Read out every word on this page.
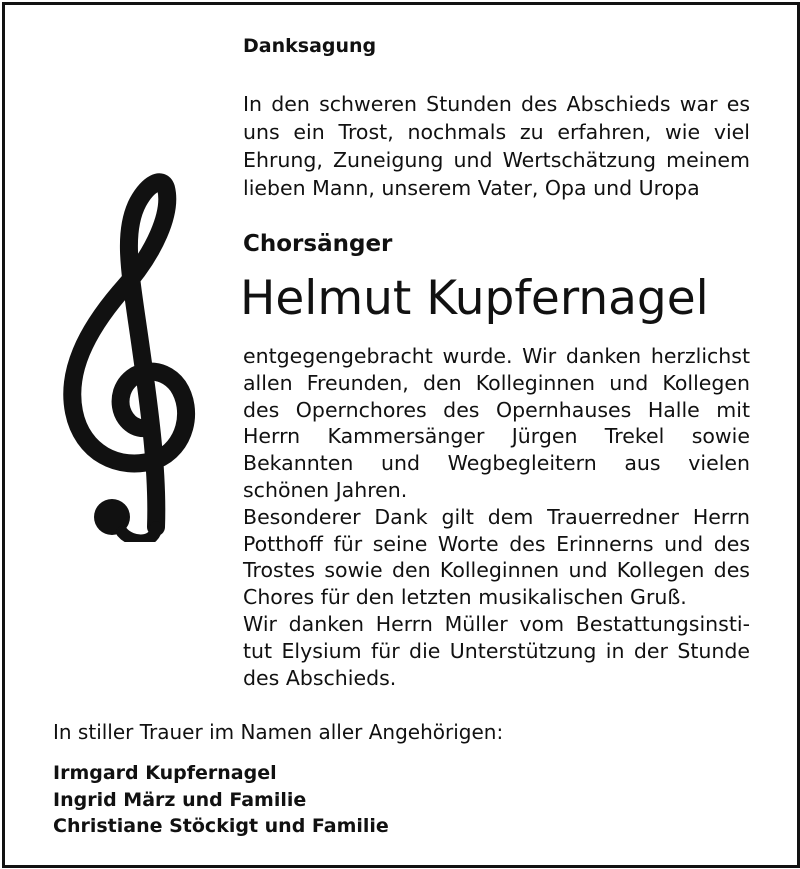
Danksagung
In den schweren Stunden des Abschieds war es uns ein Trost, nochmals zu erfahren, wie viel Ehrung, Zuneigung und Wertschätzung meinem lieben Mann, unserem Vater, Opa und Uropa
Chorsänger
Helmut Kupfernagel
entgegengebracht wurde. Wir danken herzlichst
allen Freunden, den Kolleginnen und Kollegen
des Opernchores des Opernhauses Halle mit
Herrn Kammersänger Jürgen Trekel sowie
Bekannten und Wegbegleitern aus vielen
schönen Jahren.
Besonderer Dank gilt dem Trauerredner Herrn
Potthoff für seine Worte des Erinnerns und des
Trostes sowie den Kolleginnen und Kollegen des
Chores für den letzten musikalischen Gruß.
Wir danken Herrn Müller vom Bestattungsinsti-
tut Elysium für die Unterstützung in der Stunde
des Abschieds.
In stiller Trauer im Namen aller Angehörigen:
Irmgard Kupfernagel
Ingrid März und Familie
Christiane Stöckigt und Familie
